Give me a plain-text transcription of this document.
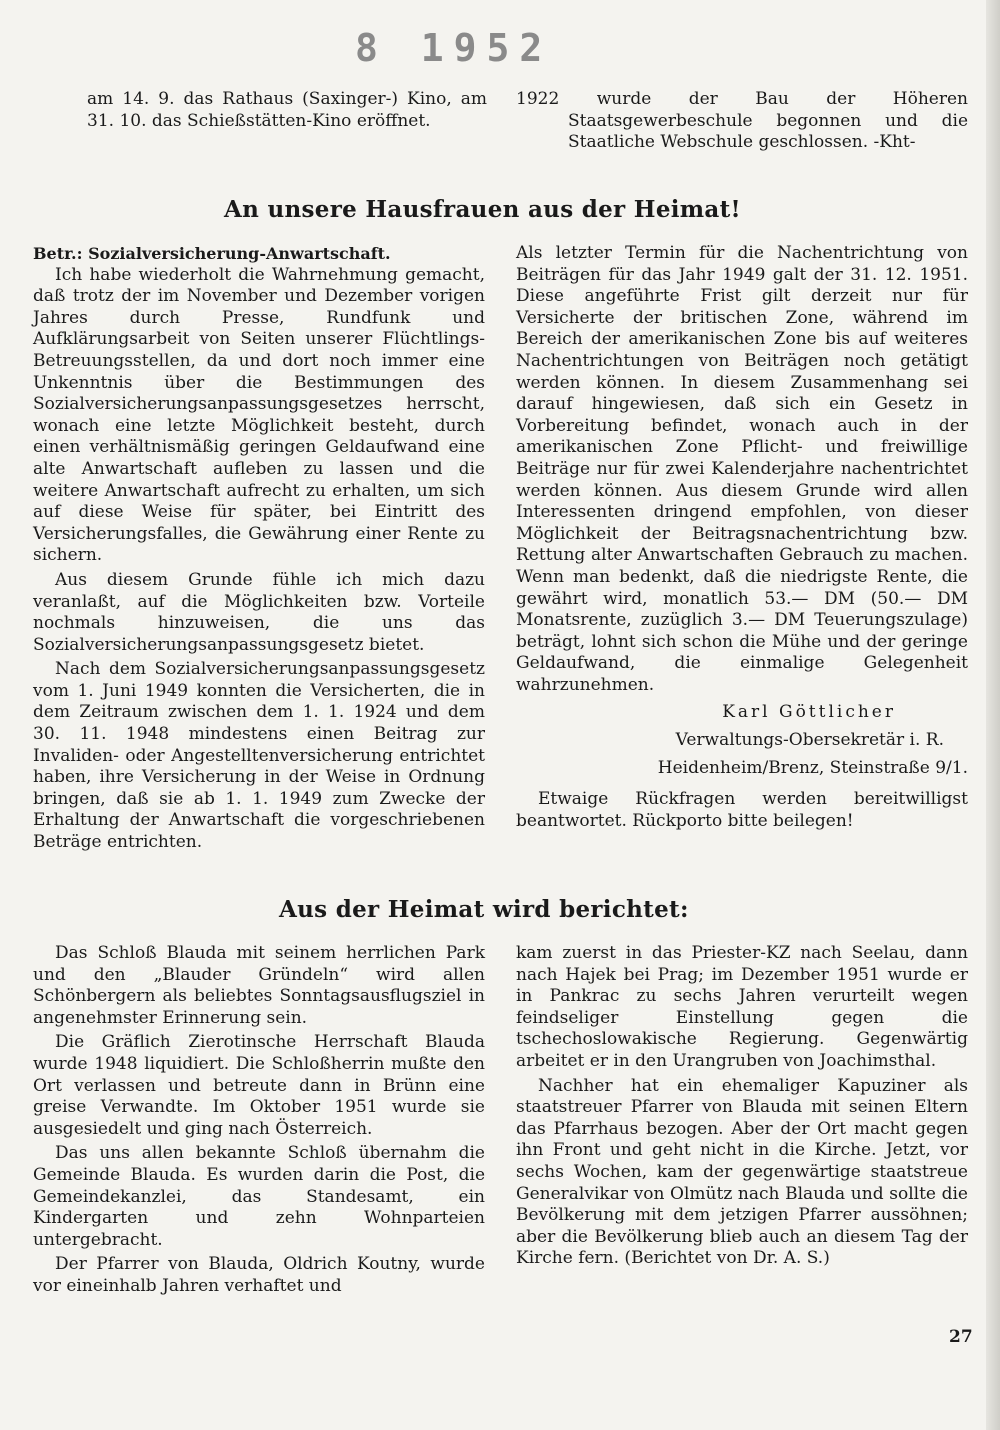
8 1952

am 14. 9. das Rathaus (Saxinger-) Kino, am 31. 10. das Schießstätten-Kino eröffnet.

1922 wurde der Bau der Höheren Staatsgewerbeschule begonnen und die Staatliche Webschule geschlossen. -Kht-

An unsere Hausfrauen aus der Heimat!

Betr.: Sozialversicherung-Anwartschaft.

Ich habe wiederholt die Wahrnehmung gemacht, daß trotz der im November und Dezember vorigen Jahres durch Presse, Rundfunk und Aufklärungsarbeit von Seiten unserer Flüchtlings-Betreuungsstellen, da und dort noch immer eine Unkenntnis über die Bestimmungen des Sozialversicherungsanpassungsgesetzes herrscht, wonach eine letzte Möglichkeit besteht, durch einen verhältnismäßig geringen Geldaufwand eine alte Anwartschaft aufleben zu lassen und die weitere Anwartschaft aufrecht zu erhalten, um sich auf diese Weise für später, bei Eintritt des Versicherungsfalles, die Gewährung einer Rente zu sichern.

Aus diesem Grunde fühle ich mich dazu veranlaßt, auf die Möglichkeiten bzw. Vorteile nochmals hinzuweisen, die uns das Sozialversicherungsanpassungsgesetz bietet.

Nach dem Sozialversicherungsanpassungsgesetz vom 1. Juni 1949 konnten die Versicherten, die in dem Zeitraum zwischen dem 1. 1. 1924 und dem 30. 11. 1948 mindestens einen Beitrag zur Invaliden- oder Angestelltenversicherung entrichtet haben, ihre Versicherung in der Weise in Ordnung bringen, daß sie ab 1. 1. 1949 zum Zwecke der Erhaltung der Anwartschaft die vorgeschriebenen Beträge entrichten.

Als letzter Termin für die Nachentrichtung von Beiträgen für das Jahr 1949 galt der 31. 12. 1951. Diese angeführte Frist gilt derzeit nur für Versicherte der britischen Zone, während im Bereich der amerikanischen Zone bis auf weiteres Nachentrichtungen von Beiträgen noch getätigt werden können. In diesem Zusammenhang sei darauf hingewiesen, daß sich ein Gesetz in Vorbereitung befindet, wonach auch in der amerikanischen Zone Pflicht- und freiwillige Beiträge nur für zwei Kalenderjahre nachentrichtet werden können. Aus diesem Grunde wird allen Interessenten dringend empfohlen, von dieser Möglichkeit der Beitragsnachentrichtung bzw. Rettung alter Anwartschaften Gebrauch zu machen. Wenn man bedenkt, daß die niedrigste Rente, die gewährt wird, monatlich 53.— DM (50.— DM Monatsrente, zuzüglich 3.— DM Teuerungszulage) beträgt, lohnt sich schon die Mühe und der geringe Geldaufwand, die einmalige Gelegenheit wahrzunehmen.

Karl Göttlicher

Verwaltungs-Obersekretär i. R.

Heidenheim/Brenz, Steinstraße 9/1.

Etwaige Rückfragen werden bereitwilligst beantwortet. Rückporto bitte beilegen!

Aus der Heimat wird berichtet:

Das Schloß Blauda mit seinem herrlichen Park und den „Blauder Gründeln“ wird allen Schönbergern als beliebtes Sonntagsausflugsziel in angenehmster Erinnerung sein.

Die Gräflich Zierotinsche Herrschaft Blauda wurde 1948 liquidiert. Die Schloßherrin mußte den Ort verlassen und betreute dann in Brünn eine greise Verwandte. Im Oktober 1951 wurde sie ausgesiedelt und ging nach Österreich.

Das uns allen bekannte Schloß übernahm die Gemeinde Blauda. Es wurden darin die Post, die Gemeindekanzlei, das Standesamt, ein Kindergarten und zehn Wohnparteien untergebracht.

Der Pfarrer von Blauda, Oldrich Koutny, wurde vor eineinhalb Jahren verhaftet und

kam zuerst in das Priester-KZ nach Seelau, dann nach Hajek bei Prag; im Dezember 1951 wurde er in Pankrac zu sechs Jahren verurteilt wegen feindseliger Einstellung gegen die tschechoslowakische Regierung. Gegenwärtig arbeitet er in den Urangruben von Joachimsthal.

Nachher hat ein ehemaliger Kapuziner als staatstreuer Pfarrer von Blauda mit seinen Eltern das Pfarrhaus bezogen. Aber der Ort macht gegen ihn Front und geht nicht in die Kirche. Jetzt, vor sechs Wochen, kam der gegenwärtige staatstreue Generalvikar von Olmütz nach Blauda und sollte die Bevölkerung mit dem jetzigen Pfarrer aussöhnen; aber die Bevölkerung blieb auch an diesem Tag der Kirche fern. (Berichtet von Dr. A. S.)

27
